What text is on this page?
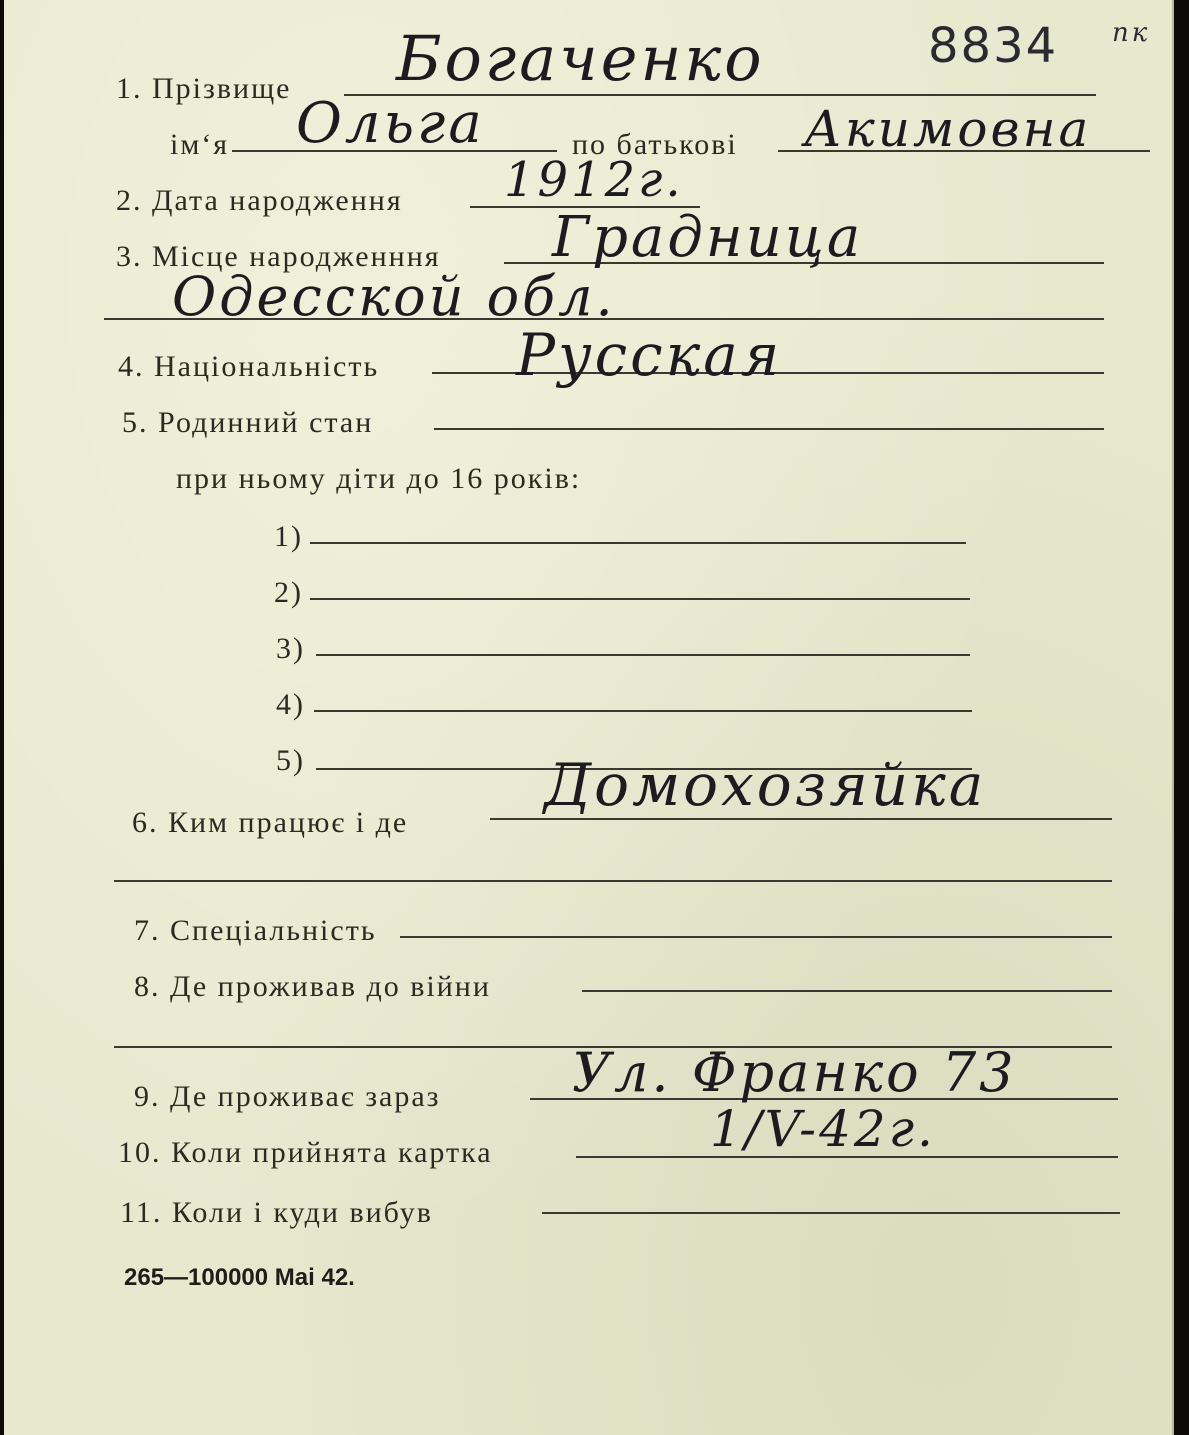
8834 пк
1. Прізвище Богаченко
імʻя Ольга	по батькові Акимовна
2. Дата народження 1912г.
3. Місце народженння Градница
Одесской обл.
4. Національність Русская
5. Родинний стан
при ньому діти до 16 років:
1)
2)
3)
4)
5)
6. Ким працює і де
Домохозяйка
7. Спеціальність
8. Де проживав до війни
9. Де проживає зараз Ул. Франко 73
10. Коли прийнята картка	1/V-42г.
11. Коли і куди вибув
265—100000 Mai 42.
